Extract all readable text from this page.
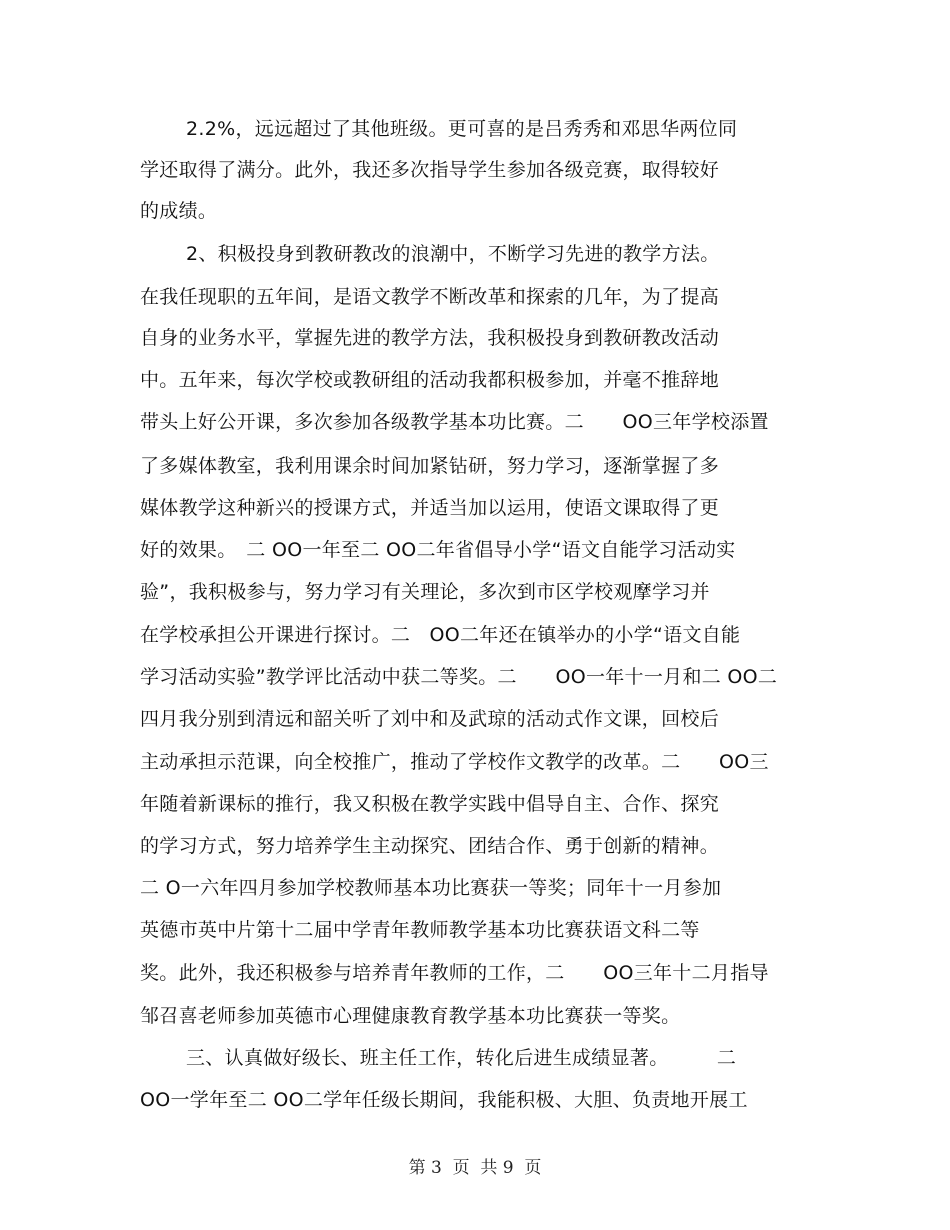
2.2%，远远超过了其他班级。更可喜的是吕秀秀和邓思华两位同
学还取得了满分。此外，我还多次指导学生参加各级竞赛，取得较好
的成绩。
2、积极投身到教研教改的浪潮中，不断学习先进的教学方法。
在我任现职的五年间，是语文教学不断改革和探索的几年，为了提高
自身的业务水平，掌握先进的教学方法，我积极投身到教研教改活动
中。五年来，每次学校或教研组的活动我都积极参加，并毫不推辞地
带头上好公开课，多次参加各级教学基本功比赛。二　　OO三年学校添置
了多媒体教室，我利用课余时间加紧钻研，努力学习，逐渐掌握了多
媒体教学这种新兴的授课方式，并适当加以运用，使语文课取得了更
好的效果。　二 OO一年至二 OO二年省倡导小学“语文自能学习活动实
验”，我积极参与，努力学习有关理论，多次到市区学校观摩学习并
在学校承担公开课进行探讨。二　OO二年还在镇举办的小学“语文自能
学习活动实验”教学评比活动中获二等奖。二　　OO一年十一月和二 OO二
四月我分别到清远和韶关听了刘中和及武琼的活动式作文课，回校后
主动承担示范课，向全校推广，推动了学校作文教学的改革。二　　OO三
年随着新课标的推行，我又积极在教学实践中倡导自主、合作、探究
的学习方式，努力培养学生主动探究、团结合作、勇于创新的精神。
二 O一六年四月参加学校教师基本功比赛获一等奖；同年十一月参加
英德市英中片第十二届中学青年教师教学基本功比赛获语文科二等
奖。此外，我还积极参与培养青年教师的工作，二　　OO三年十二月指导
邹召喜老师参加英德市心理健康教育教学基本功比赛获一等奖。
三、认真做好级长、班主任工作，转化后进生成绩显著。　　　二
OO一学年至二 OO二学年任级长期间，我能积极、大胆、负责地开展工
第 3  页  共 9  页
